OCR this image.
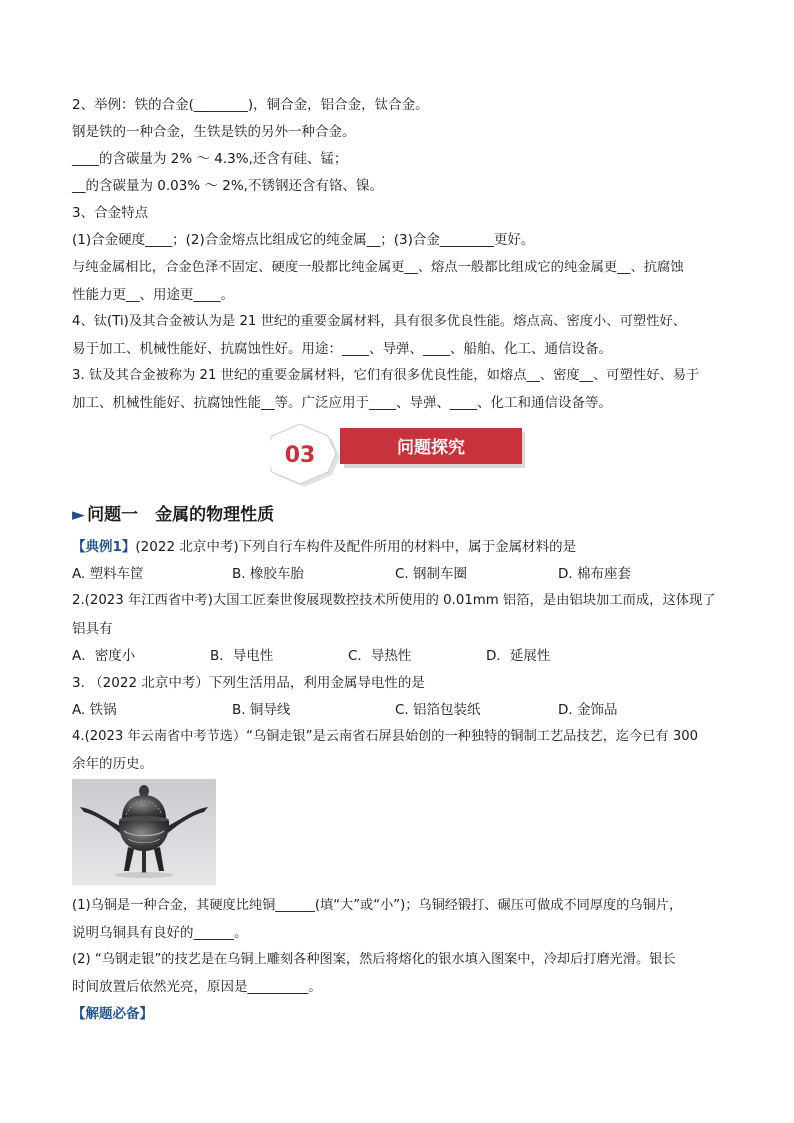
2、举例：铁的合金(________)，铜合金，铝合金，钛合金。
钢是铁的一种合金，生铁是铁的另外一种合金。
____的含碳量为 2% ～ 4.3%,还含有硅、锰；
__的含碳量为 0.03% ～ 2%,不锈钢还含有铬、镍。
3、合金特点
(1)合金硬度____；(2)合金熔点比组成它的纯金属__；(3)合金________更好。
与纯金属相比，合金色泽不固定、硬度一般都比纯金属更__、熔点一般都比组成它的纯金属更__、抗腐蚀
性能力更__、用途更____。
4、钛(Ti)及其合金被认为是 21 世纪的重要金属材料，具有很多优良性能。熔点高、密度小、可塑性好、
易于加工、机械性能好、抗腐蚀性好。用途：____、导弹、____、船舶、化工、通信设备。
3. 钛及其合金被称为 21 世纪的重要金属材料，它们有很多优良性能，如熔点__、密度__、可塑性好、易于
加工、机械性能好、抗腐蚀性能__等。广泛应用于____、导弹、____、化工和通信设备等。
03	问题探究
► 问题一　金属的物理性质
【典例1】(2022 北京中考)下列自行车构件及配件所用的材料中，属于金属材料的是
A. 塑料车筐	B. 橡胶车胎	C. 钢制车圈	D. 棉布座套
2.(2023 年江西省中考)大国工匠秦世俊展现数控技术所使用的 0.01mm 铝箔，是由铝块加工而成，这体现了
铝具有
A．密度小	B．导电性	C．导热性	D．延展性
3. （2022 北京中考）下列生活用品，利用金属导电性的是
A. 铁锅	B. 铜导线	C. 铝箔包装纸	D. 金饰品
4.(2023 年云南省中考节选）“乌铜走银”是云南省石屏县始创的一种独特的铜制工艺品技艺，迄今已有 300
余年的历史。
(1)乌铜是一种合金，其硬度比纯铜______(填“大”或“小”)；乌铜经锻打、碾压可做成不同厚度的乌铜片，
说明乌铜具有良好的______。
(2) “乌钢走银”的技艺是在乌铜上雕刻各种图案，然后将熔化的银水填入图案中，冷却后打磨光滑。银长
时间放置后依然光亮，原因是_________。
【解题必备】
